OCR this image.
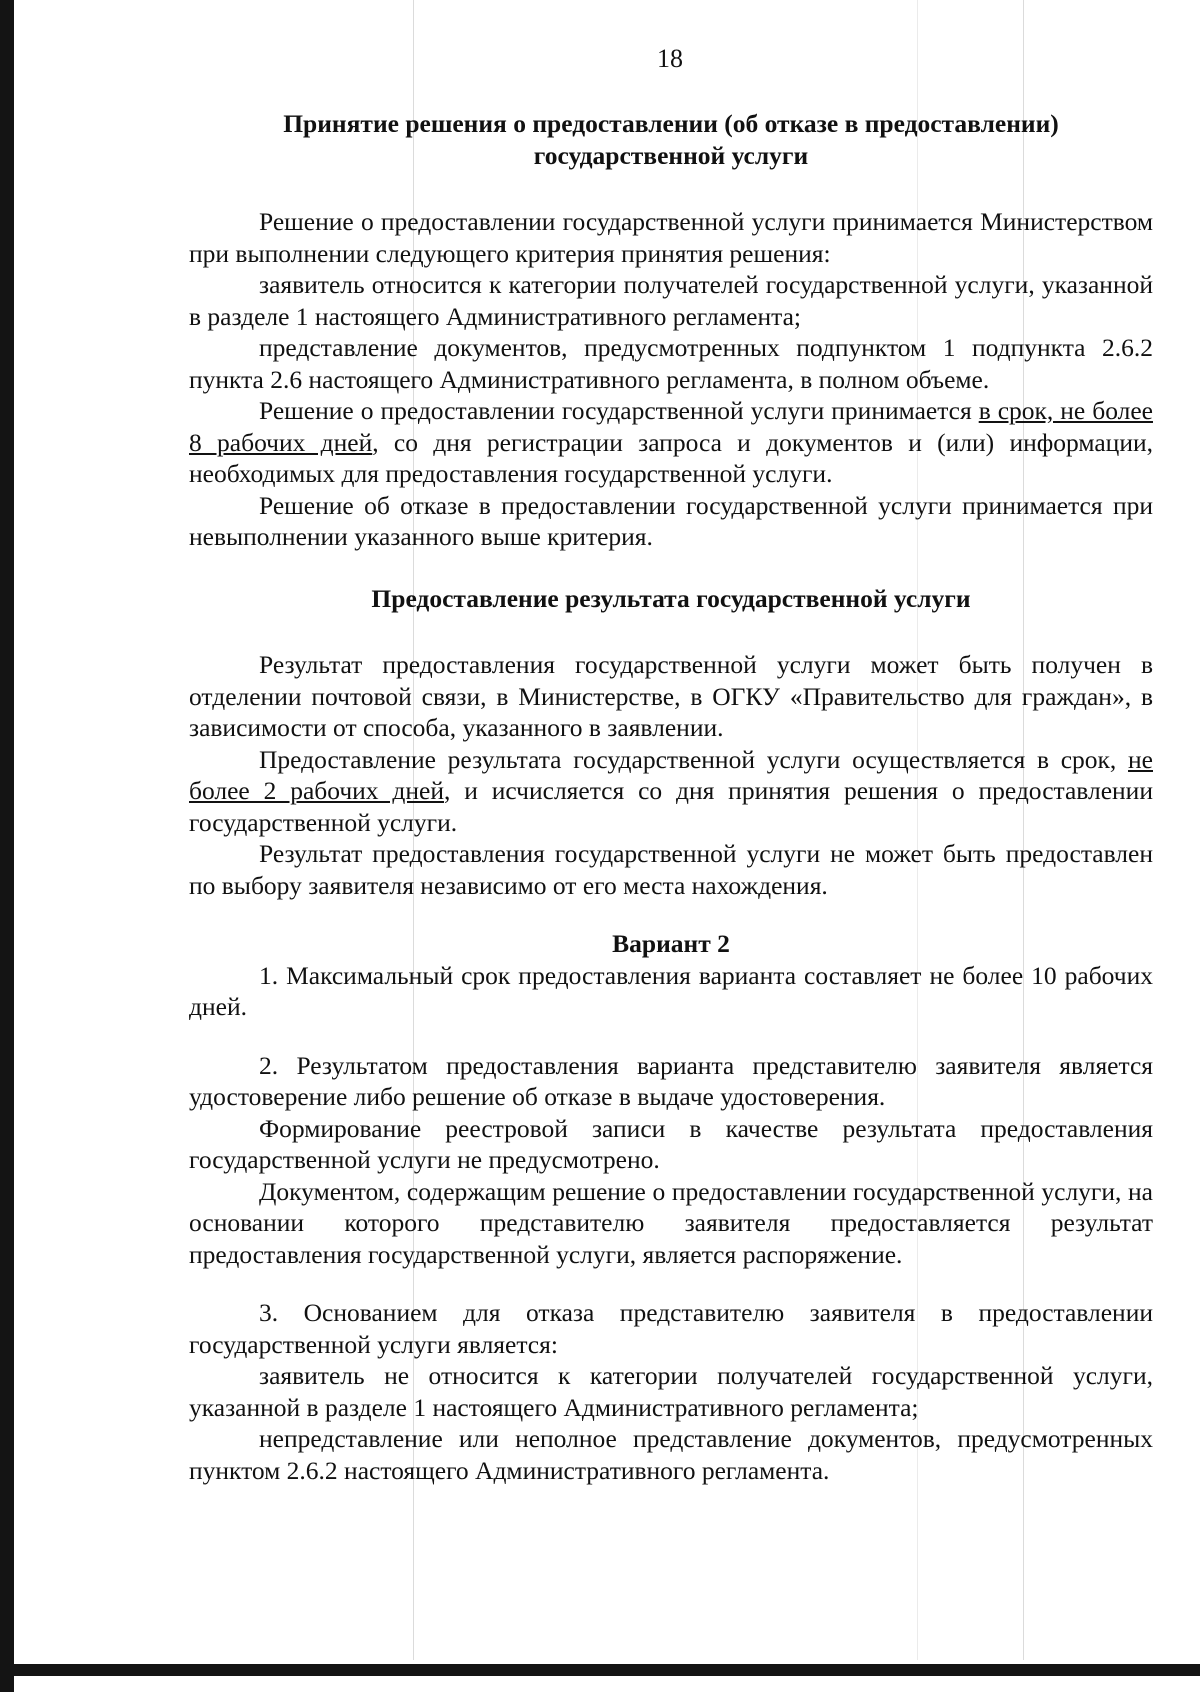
18

Принятие решения о предоставлении (об отказе в предоставлении)
государственной услуги

Решение о предоставлении государственной услуги принимается Министерством при выполнении следующего критерия принятия решения:

заявитель относится к категории получателей государственной услуги, указанной в разделе 1 настоящего Административного регламента;

представление документов, предусмотренных подпунктом 1 подпункта 2.6.2 пункта 2.6 настоящего Административного регламента, в полном объеме.

Решение о предоставлении государственной услуги принимается в срок, не более 8 рабочих дней, со дня регистрации запроса и документов и (или) информации, необходимых для предоставления государственной услуги.

Решение об отказе в предоставлении государственной услуги принимается при невыполнении указанного выше критерия.

Предоставление результата государственной услуги

Результат предоставления государственной услуги может быть получен в отделении почтовой связи, в Министерстве, в ОГКУ «Правительство для граждан», в зависимости от способа, указанного в заявлении.

Предоставление результата государственной услуги осуществляется в срок, не более 2 рабочих дней, и исчисляется со дня принятия решения о предоставлении государственной услуги.

Результат предоставления государственной услуги не может быть предоставлен по выбору заявителя независимо от его места нахождения.

Вариант 2

1. Максимальный срок предоставления варианта составляет не более 10 рабочих дней.

2. Результатом предоставления варианта представителю заявителя является удостоверение либо решение об отказе в выдаче удостоверения.

Формирование реестровой записи в качестве результата предоставления государственной услуги не предусмотрено.

Документом, содержащим решение о предоставлении государственной услуги, на основании которого представителю заявителя предоставляется результат предоставления государственной услуги, является распоряжение.

3. Основанием для отказа представителю заявителя в предоставлении государственной услуги является:

заявитель не относится к категории получателей государственной услуги, указанной в разделе 1 настоящего Административного регламента;

непредставление или неполное представление документов, предусмотренных пунктом 2.6.2 настоящего Административного регламента.
